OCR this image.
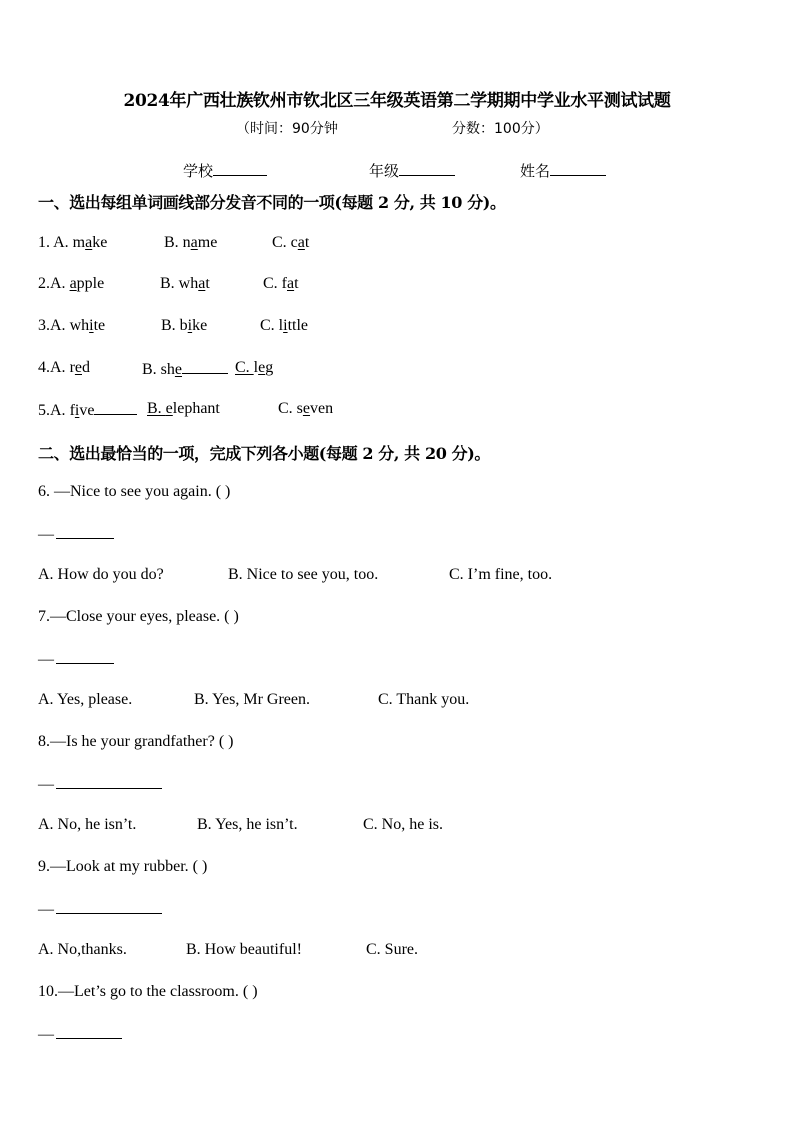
2024年广西壮族钦州市钦北区三年级英语第二学期期中学业水平测试试题
（时间：90分钟	分数：100分）
学校	年级	姓名
一、选出每组单词画线部分发音不同的一项(每题 2 分, 共 10 分)。
1. A. make	B. name	C. cat
2.A. apple	B. what	C. fat
3.A. white	B. bike	C. little
4.A. red	B. she	C. leg
5.A. five	B. elephant	C. seven
二、选出最恰当的一项，完成下列各小题(每题 2 分, 共 20 分)。
6. —Nice to see you again. ( )
—
A. How do you do?	B. Nice to see you, too.	C. I’m fine, too.
7.—Close your eyes, please. ( )
—
A. Yes, please.	B. Yes, Mr Green.	C. Thank you.
8.—Is he your grandfather? ( )
—
A. No, he isn’t.	B. Yes, he isn’t.	C. No, he is.
9.—Look at my rubber. ( )
—
A. No,thanks.	B. How beautiful!	C. Sure.
10.—Let’s go to the classroom. ( )
—
